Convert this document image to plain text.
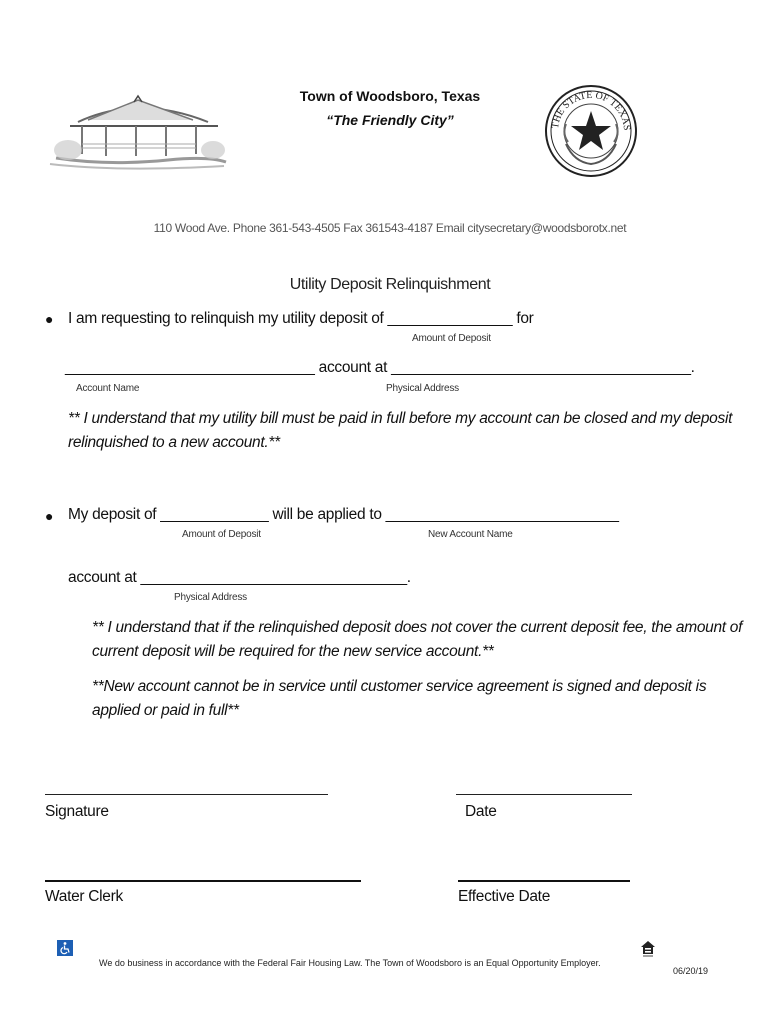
Town of Woodsboro, Texas
“The Friendly City”	THE STATE OF TEXAS
110 Wood Ave. Phone 361-543-4505 Fax 361543-4187 Email citysecretary@woodsborotx.net
Utility Deposit Relinquishment
● I am requesting to relinquish my utility deposit of _______________ for
Amount of Deposit
______________________________ account at ____________________________________.
Account Name	Physical Address
** I understand that my utility bill must be paid in full before my account can be closed and my deposit relinquished to a new account.**
● My deposit of _____________ will be applied to ____________________________
Amount of Deposit	New Account Name
account at ________________________________.
Physical Address
** I understand that if the relinquished deposit does not cover the current deposit fee, the amount of current deposit will be required for the new service account.**
**New account cannot be in service until customer service agreement is signed and deposit is applied or paid in full**
Signature	Date
Water Clerk	Effective Date
We do business in accordance with the Federal Fair Housing Law. The Town of Woodsboro is an Equal Opportunity Employer.
06/20/19
